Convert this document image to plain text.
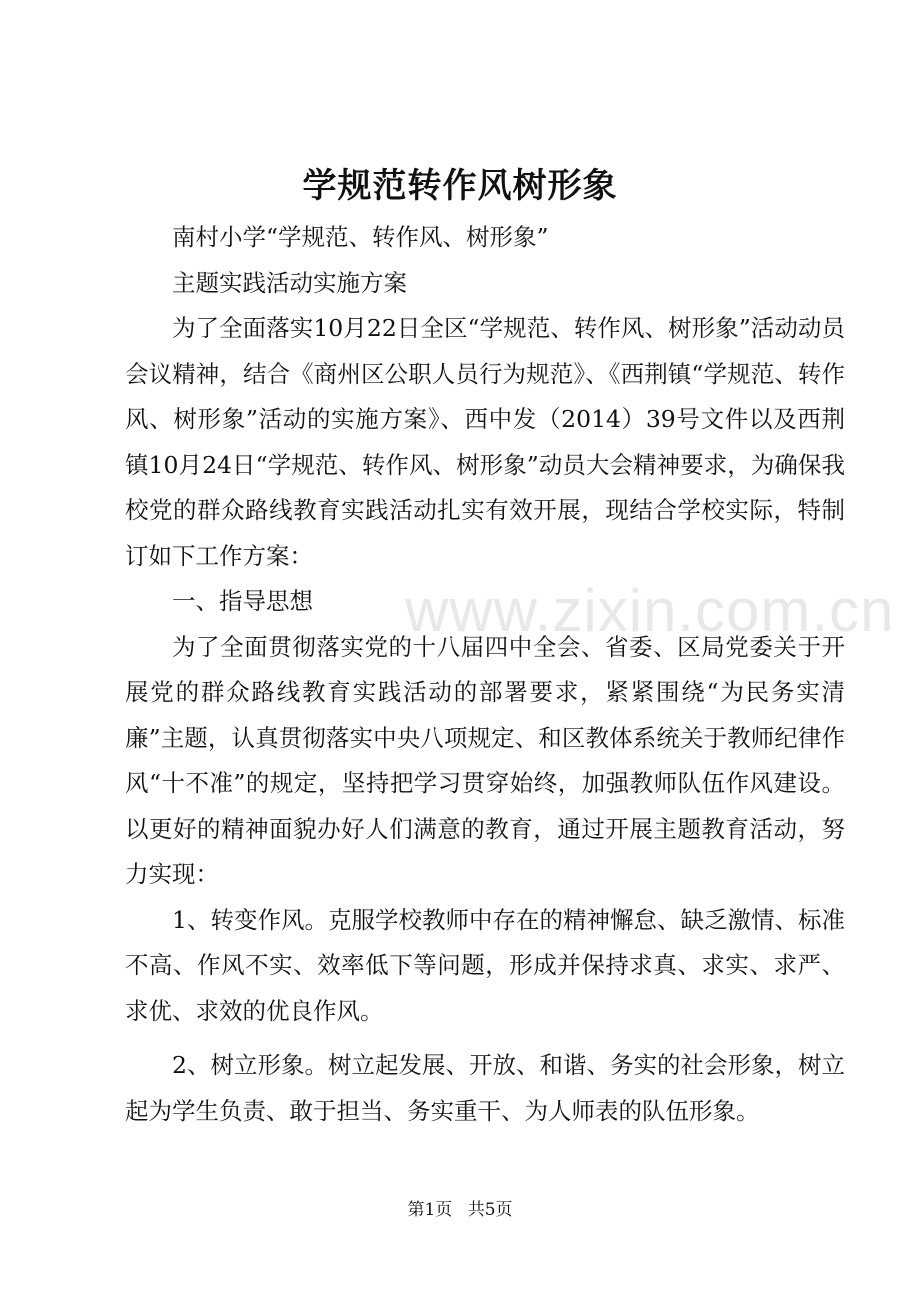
学规范转作风树形象

南村小学“学规范、转作风、树形象”

主题实践活动实施方案

为了全面落实10月22日全区“学规范、转作风、树形象”活动动员会议精神，结合《商州区公职人员行为规范》、《西荆镇“学规范、转作风、树形象”活动的实施方案》、西中发（2014）39号文件以及西荆镇10月24日“学规范、转作风、树形象”动员大会精神要求，为确保我校党的群众路线教育实践活动扎实有效开展，现结合学校实际，特制订如下工作方案：

一、指导思想

为了全面贯彻落实党的十八届四中全会、省委、区局党委关于开展党的群众路线教育实践活动的部署要求，紧紧围绕“为民务实清廉”主题，认真贯彻落实中央八项规定、和区教体系统关于教师纪律作风“十不准”的规定，坚持把学习贯穿始终，加强教师队伍作风建设。以更好的精神面貌办好人们满意的教育，通过开展主题教育活动，努力实现：

1、转变作风。克服学校教师中存在的精神懈怠、缺乏激情、标准不高、作风不实、效率低下等问题，形成并保持求真、求实、求严、求优、求效的优良作风。

2、树立形象。树立起发展、开放、和谐、务实的社会形象，树立起为学生负责、敢于担当、务实重干、为人师表的队伍形象。

www.zixin.com.cn
第1页 共5页
